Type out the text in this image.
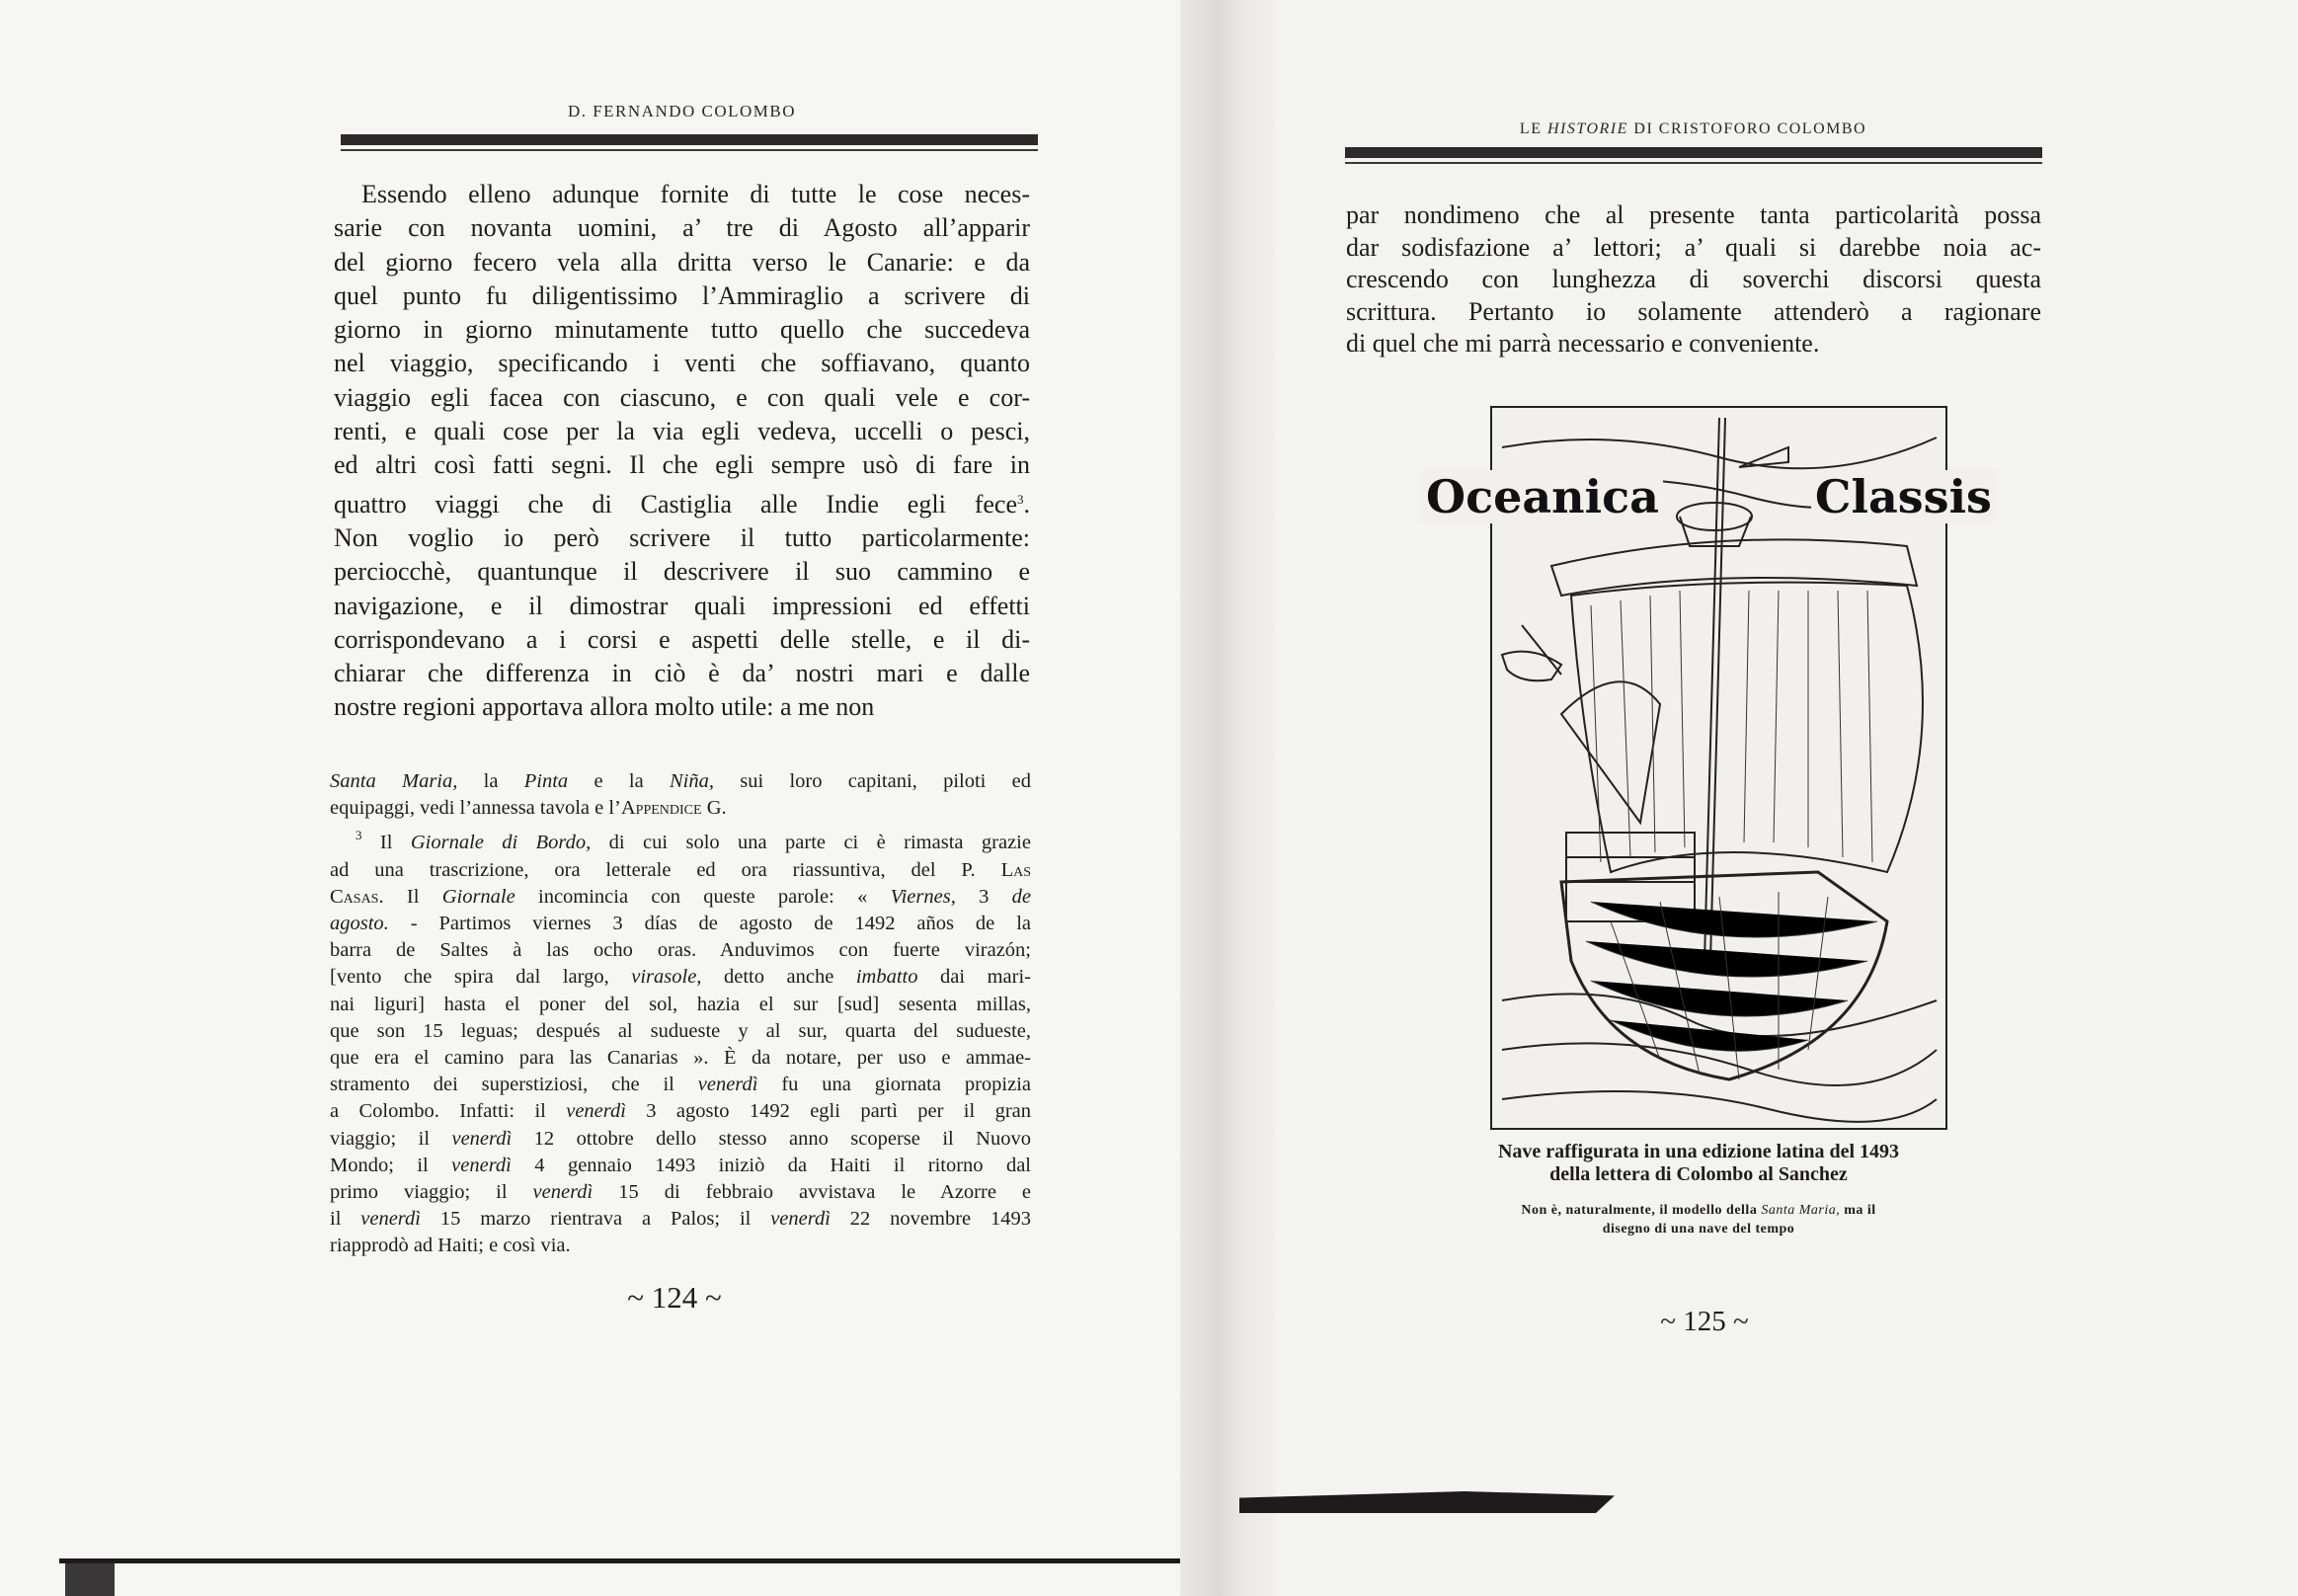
D. FERNANDO COLOMBO
Essendo elleno adunque fornite di tutte le cose neces-
sarie con novanta uomini, a’ tre di Agosto all’apparir
del giorno fecero vela alla dritta verso le Canarie: e da
quel punto fu diligentissimo l’Ammiraglio a scrivere di
giorno in giorno minutamente tutto quello che succedeva
nel viaggio, specificando i venti che soffiavano, quanto
viaggio egli facea con ciascuno, e con quali vele e cor-
renti, e quali cose per la via egli vedeva, uccelli o pesci,
ed altri così fatti segni. Il che egli sempre usò di fare in
quattro viaggi che di Castiglia alle Indie egli fece$^3$.
Non voglio io però scrivere il tutto particolarmente:
perciocchè, quantunque il descrivere il suo cammino e
navigazione, e il dimostrar quali impressioni ed effetti
corrispondevano a i corsi e aspetti delle stelle, e il di-
chiarar che differenza in ciò è da’ nostri mari e dalle
nostre regioni apportava allora molto utile: a me non
Santa Maria, la Pinta e la Niña, sui loro capitani, piloti ed
equipaggi, vedi l’annessa tavola e l’Appendice G.
$^3$ Il Giornale di Bordo, di cui solo una parte ci è rimasta grazie
ad una trascrizione, ora letterale ed ora riassuntiva, del P. Las
Casas. Il Giornale incomincia con queste parole: « Viernes, 3 de
agosto. - Partimos viernes 3 días de agosto de 1492 años de la
barra de Saltes à las ocho oras. Anduvimos con fuerte virazón;
[vento che spira dal largo, virasole, detto anche imbatto dai mari-
nai liguri] hasta el poner del sol, hazia el sur [sud] sesenta millas,
que son 15 leguas; después al sudueste y al sur, quarta del sudueste,
que era el camino para las Canarias ». È da notare, per uso e ammae-
stramento dei superstiziosi, che il venerdì fu una giornata propizia
a Colombo. Infatti: il venerdì 3 agosto 1492 egli partì per il gran
viaggio; il venerdì 12 ottobre dello stesso anno scoperse il Nuovo
Mondo; il venerdì 4 gennaio 1493 iniziò da Haiti il ritorno dal
primo viaggio; il venerdì 15 di febbraio avvistava le Azorre e
il venerdì 15 marzo rientrava a Palos; il venerdì 22 novembre 1493
riapprodò ad Haiti; e così via.
~ 124 ~
LE HISTORIE DI CRISTOFORO COLOMBO
par nondimeno che al presente tanta particolarità possa
dar sodisfazione a’ lettori; a’ quali si darebbe noia ac-
crescendo con lunghezza di soverchi discorsi questa
scrittura. Pertanto io solamente attenderò a ragionare
di quel che mi parrà necessario e conveniente.
Oceanica	Classis
Nave raffigurata in una edizione latina del 1493
della lettera di Colombo al Sanchez
Non è, naturalmente, il modello della Santa Maria, ma il
disegno di una nave del tempo
~ 125 ~
